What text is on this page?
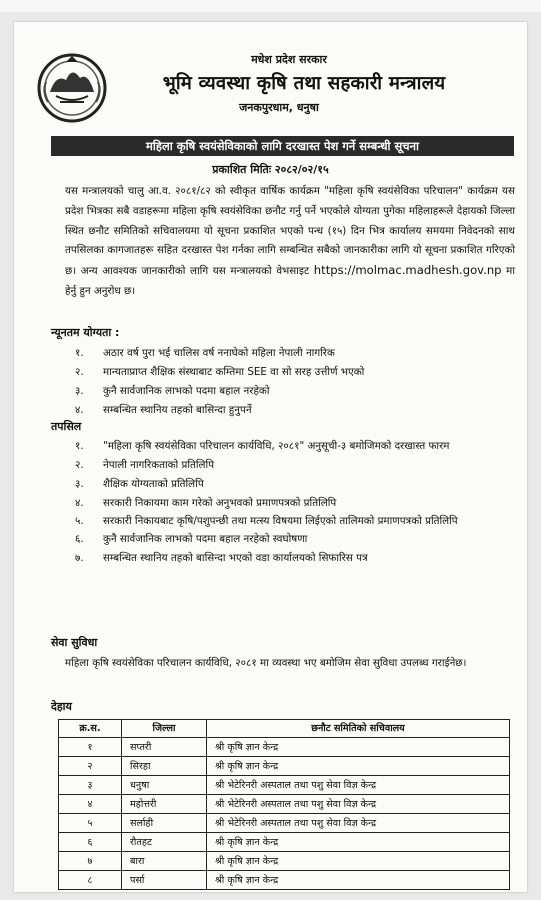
मधेश प्रदेश सरकार
भूमि व्यवस्था कृषि तथा सहकारी मन्त्रालय
जनकपुरधाम, धनुषा
महिला कृषि स्वयंसेविकाको लागि दरखास्त पेश गर्ने सम्बन्धी सूचना
प्रकाशित मितिः २०८२/०२/१५
यस मन्त्रालयको चालु आ.व. २०८१/८२ को स्वीकृत वार्षिक कार्यक्रम "महिला कृषि स्वयंसेविका परिचालन" कार्यक्रम यस प्रदेश भित्रका सबै वडाहरूमा महिला कृषि स्वयंसेविका छनौट गर्नु पर्ने भएकोले योग्यता पुगेका महिलाहरूले देहायको जिल्ला स्थित छनौट समितिको सचिवालयमा यो सूचना प्रकाशित भएको पन्ध (१५) दिन भित्र कार्यालय समयमा निवेदनको साथ तपसिलका कागजातहरू सहित दरखास्त पेश गर्नका लागि सम्बन्धित सबैको जानकारीका लागि यो सूचना प्रकाशित गरिएको छ। अन्य आवश्यक जानकारीको लागि यस मन्त्रालयको वेभसाइट https://molmac.madhesh.gov.np मा हेर्नु हुन अनुरोध छ।
न्यूनतम योग्यता :
१. अठार वर्ष पुरा भई चालिस वर्ष ननाघेको महिला नेपाली नागरिक
२. मान्यताप्राप्त शैक्षिक संस्थाबाट कम्तिमा SEE वा सो सरह उत्तीर्ण भएको
३. कुनै सार्वजानिक लाभको पदमा बहाल नरहेको
४. सम्बन्धित स्थानिय तहको बासिन्दा हुनुपर्ने
तपसिल
१. "महिला कृषि स्वयंसेविका परिचालन कार्यविधि, २०८१" अनुसूची-३ बमोजिमको दरखास्त फारम
२. नेपाली नागरिकताको प्रतिलिपि
३. शैक्षिक योग्यताको प्रतिलिपि
४. सरकारी निकायमा काम गरेको अनुभवको प्रमाणपत्रको प्रतिलिपि
५. सरकारी निकायबाट कृषि/पशुपन्छी तथा मत्स्य विषयमा लिईएको तालिमको प्रमाणपत्रको प्रतिलिपि
६. कुनै सार्वजानिक लाभको पदमा बहाल नरहेको स्वघोषणा
७. सम्बन्धित स्थानिय तहको बासिन्दा भएको वडा कार्यालयको सिफारिस पत्र
सेवा सुविधा
महिला कृषि स्वयंसेविका परिचालन कार्यविधि, २०८१ मा व्यवस्था भए बमोजिम सेवा सुविधा उपलब्ध गराईनेछ।
देहाय
क्र.स.	जिल्ला	छनौट समितिको सचिवालय
१	सप्तरी	श्री कृषि ज्ञान केन्द्र
२	सिरहा	श्री कृषि ज्ञान केन्द्र
३	धनुषा	श्री भेटेरिनरी अस्पताल तथा पशु सेवा विज्ञ केन्द्र
४	महोत्तरी	श्री भेटेरिनरी अस्पताल तथा पशु सेवा विज्ञ केन्द्र
५	सर्लाही	श्री भेटेरिनरी अस्पताल तथा पशु सेवा विज्ञ केन्द्र
६	रौतहट	श्री कृषि ज्ञान केन्द्र
७	बारा	श्री कृषि ज्ञान केन्द्र
८	पर्सा	श्री कृषि ज्ञान केन्द्र
